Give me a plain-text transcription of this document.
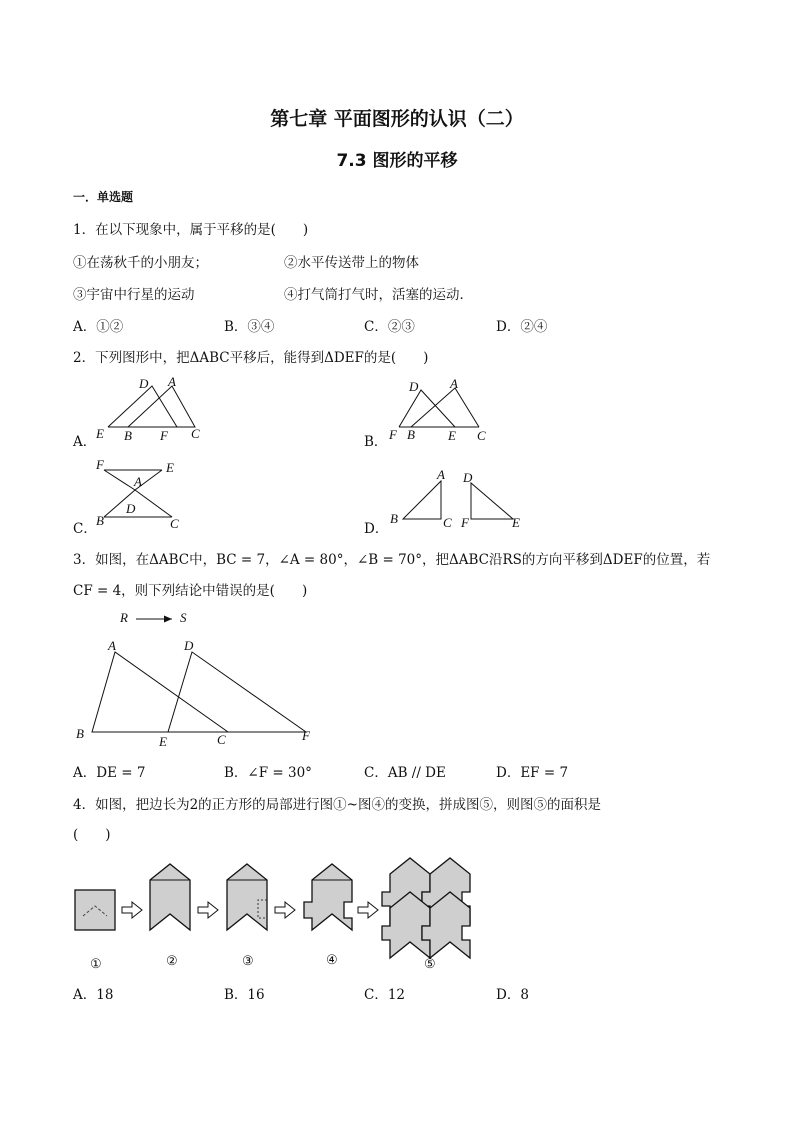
第七章 平面图形的认识（二）
7.3 图形的平移
一．单选题
1．在以下现象中，属于平移的是(　　)
①在荡秋千的小朋友；	②水平传送带上的物体
③宇宙中行星的运动	④打气筒打气时，活塞的运动．
A．①②	B．③④	C．②③	D．②④
2．下列图形中，把ΔABC平移后，能得到ΔDEF的是(　　)
A．
D A
E B F C
B．
D A
F B	E C
C．
F	E
A
D
B	C	D．
A D
B	C F	E
3．如图，在ΔABC中，BC = 7，∠A = 80°，∠B = 70°，把ΔABC沿RS的方向平移到ΔDEF的位置，若
CF = 4，则下列结论中错误的是(　　)
R	S
A	D
B
E	C	F
A．DE = 7	B．∠F = 30°	C．AB // DE	D．EF = 7
4．如图，把边长为2的正方形的局部进行图①~图④的变换，拼成图⑤，则图⑤的面积是
(　　)
①	②	③	④	⑤
A．18	B．16	C．12	D．8
